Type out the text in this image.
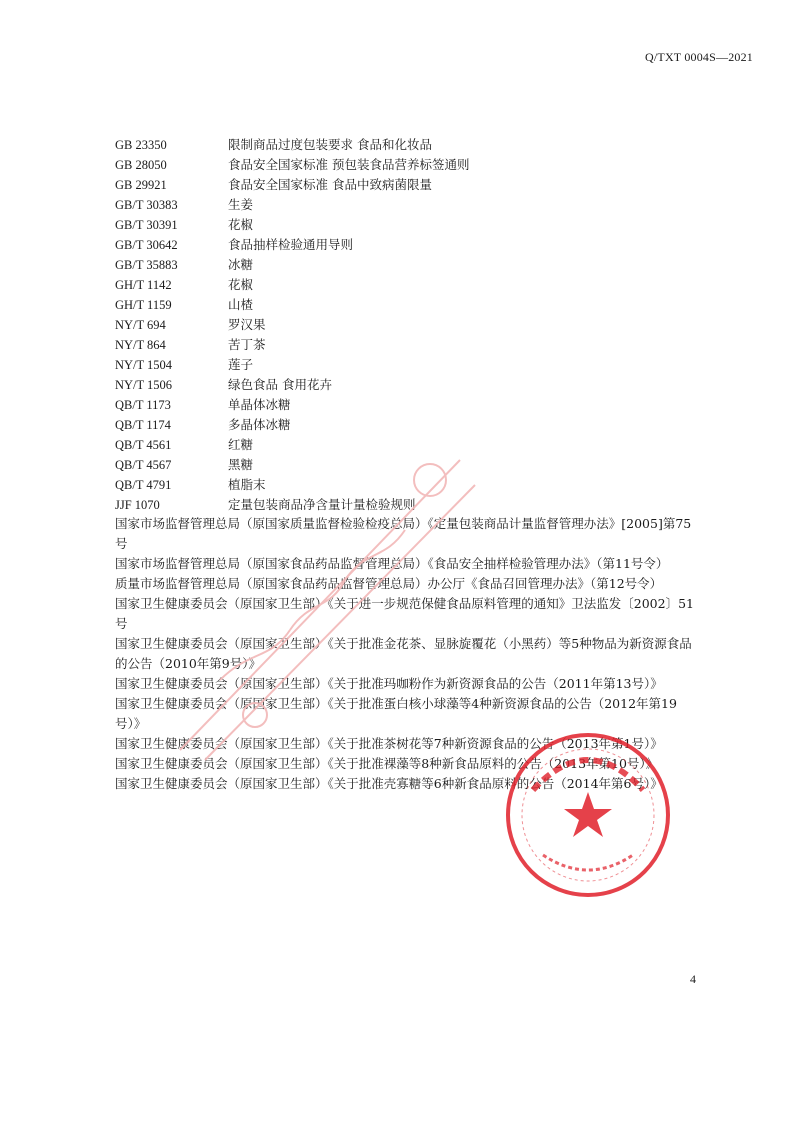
Q/TXT 0004S—2021
GB 23350	限制商品过度包装要求 食品和化妆品
GB 28050	食品安全国家标准 预包装食品营养标签通则
GB 29921	食品安全国家标准 食品中致病菌限量
GB/T 30383	生姜
GB/T 30391	花椒
GB/T 30642	食品抽样检验通用导则
GB/T 35883	冰糖
GH/T 1142	花椒
GH/T 1159	山楂
NY/T 694	罗汉果
NY/T 864	苦丁茶
NY/T 1504	莲子
NY/T 1506	绿色食品 食用花卉
QB/T 1173	单晶体冰糖
QB/T 1174	多晶体冰糖
QB/T 4561	红糖
QB/T 4567	黑糖
QB/T 4791	植脂末
JJF 1070	定量包装商品净含量计量检验规则

国家市场监督管理总局（原国家质量监督检验检疫总局）《定量包装商品计量监督管理办法》[2005]第75号

国家市场监督管理总局（原国家食品药品监督管理总局）《食品安全抽样检验管理办法》（第11号令）

质量市场监督管理总局（原国家食品药品监督管理总局）办公厅《食品召回管理办法》（第12号令）

国家卫生健康委员会（原国家卫生部）《关于进一步规范保健食品原料管理的通知》卫法监发〔2002〕51号

国家卫生健康委员会（原国家卫生部）《关于批准金花茶、显脉旋覆花（小黑药）等5种物品为新资源食品的公告（2010年第9号）》

国家卫生健康委员会（原国家卫生部）《关于批准玛咖粉作为新资源食品的公告（2011年第13号）》

国家卫生健康委员会（原国家卫生部）《关于批准蛋白核小球藻等4种新资源食品的公告（2012年第19号）》

国家卫生健康委员会（原国家卫生部）《关于批准茶树花等7种新资源食品的公告（2013年第1号）》

国家卫生健康委员会（原国家卫生部）《关于批准裸藻等8种新食品原料的公告（2013年第10号）》

国家卫生健康委员会（原国家卫生部）《关于批准壳寡糖等6种新食品原料的公告（2014年第6号）》

4
